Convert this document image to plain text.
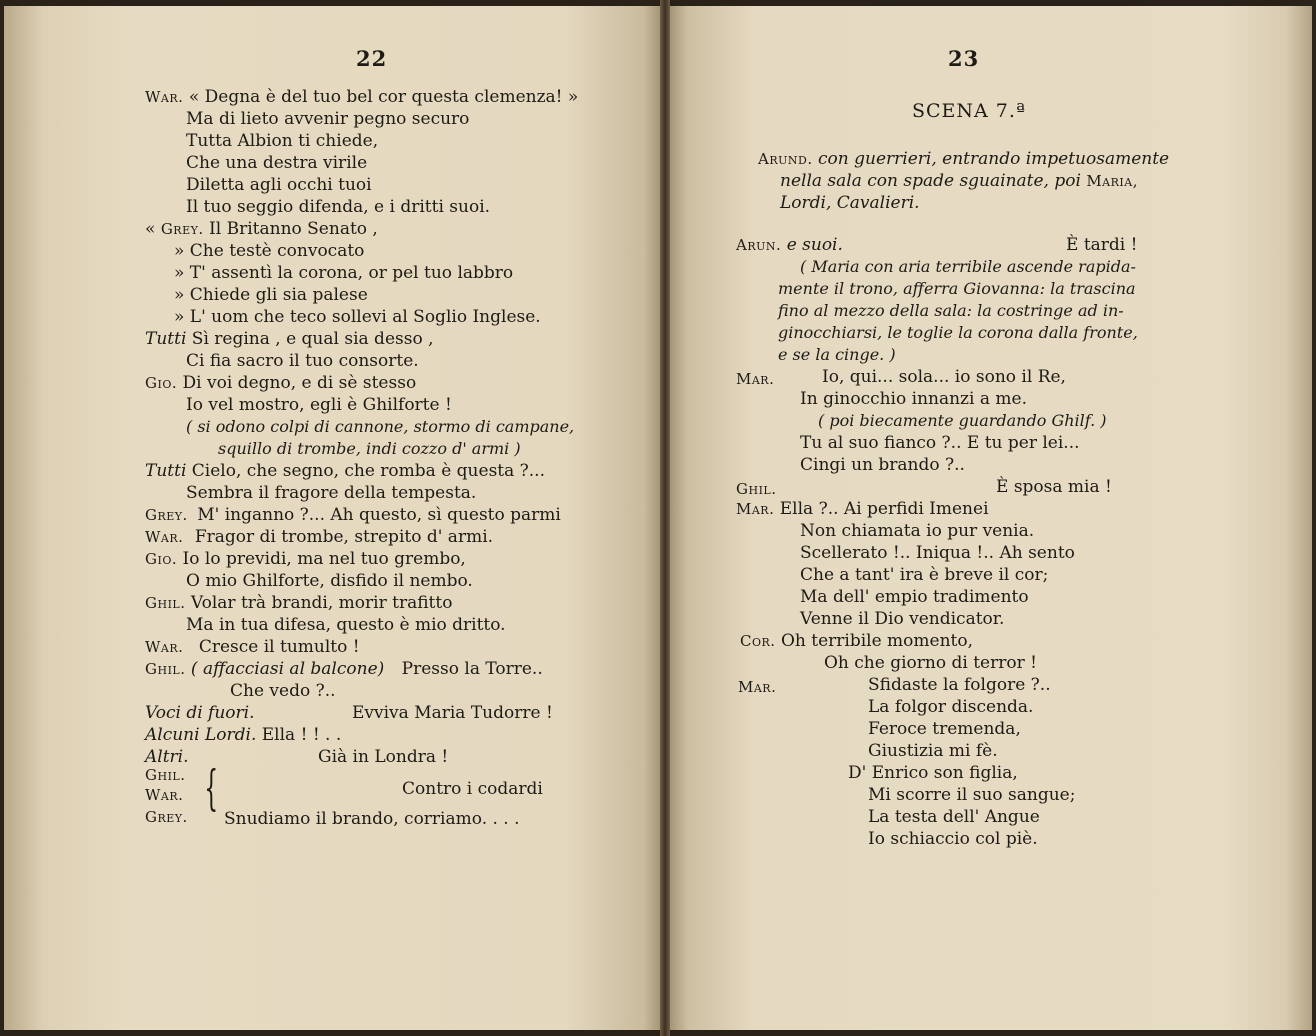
22
War. « Degna è del tuo bel cor questa clemenza! »
Ma di lieto avvenir pegno securo
Tutta Albion ti chiede,
Che una destra virile
Diletta agli occhi tuoi
Il tuo seggio difenda, e i dritti suoi.
« Grey. Il Britanno Senato ,
» Che testè convocato
» T' assentì la corona, or pel tuo labbro
» Chiede gli sia palese
» L' uom che teco sollevi al Soglio Inglese.
Tutti Sì regina , e qual sia desso ,
Ci fia sacro il tuo consorte.
Gio. Di voi degno, e di sè stesso
Io vel mostro, egli è Ghilforte !
( si odono colpi di cannone, stormo di campane,
squillo di trombe, indi cozzo d' armi )
Tutti Cielo, che segno, che romba è questa ?...
Sembra il fragore della tempesta.
Grey. M' inganno ?... Ah questo, sì questo parmi
War. Fragor di trombe, strepito d' armi.
Gio. Io lo previdi, ma nel tuo grembo,
O mio Ghilforte, disfido il nembo.
Ghil. Volar trà brandi, morir trafitto
Ma in tua difesa, questo è mio dritto.
War. Cresce il tumulto !
Ghil. ( affacciasi al balcone) Presso la Torre..
Che vedo ?..
Voci di fuori.	Evviva Maria Tudorre !
Alcuni Lordi. Ella ! ! . .
Altri.	Già in Londra !
Ghil.
War.	Contro i codardi
Grey. Snudiamo il brando, corriamo. . . .
{
23
SCENA 7.ª
Arund. con guerrieri, entrando impetuosamente
nella sala con spade sguainate, poi Maria,
Lordi, Cavalieri.
Arun. e suoi.	È tardi !
( Maria con aria terribile ascende rapida-
mente il trono, afferra Giovanna: la trascina
fino al mezzo della sala: la costringe ad in-
ginocchiarsi, le toglie la corona dalla fronte,
e se la cinge. )
Mar.	Io, qui... sola... io sono il Re,
In ginocchio innanzi a me.
( poi biecamente guardando Ghilf. )
Tu al suo fianco ?.. E tu per lei...
Cingi un brando ?..
Ghil.	È sposa mia !
Mar. Ella ?.. Ai perfidi Imenei
Non chiamata io pur venia.
Scellerato !.. Iniqua !.. Ah sento
Che a tant' ira è breve il cor;
Ma dell' empio tradimento
Venne il Dio vendicator.
Cor. Oh terribile momento,
Oh che giorno di terror !
Mar.	Sfidaste la folgore ?..
La folgor discenda.
Feroce tremenda,
Giustizia mi fè.
D' Enrico son figlia,
Mi scorre il suo sangue;
La testa dell' Angue
Io schiaccio col piè.
